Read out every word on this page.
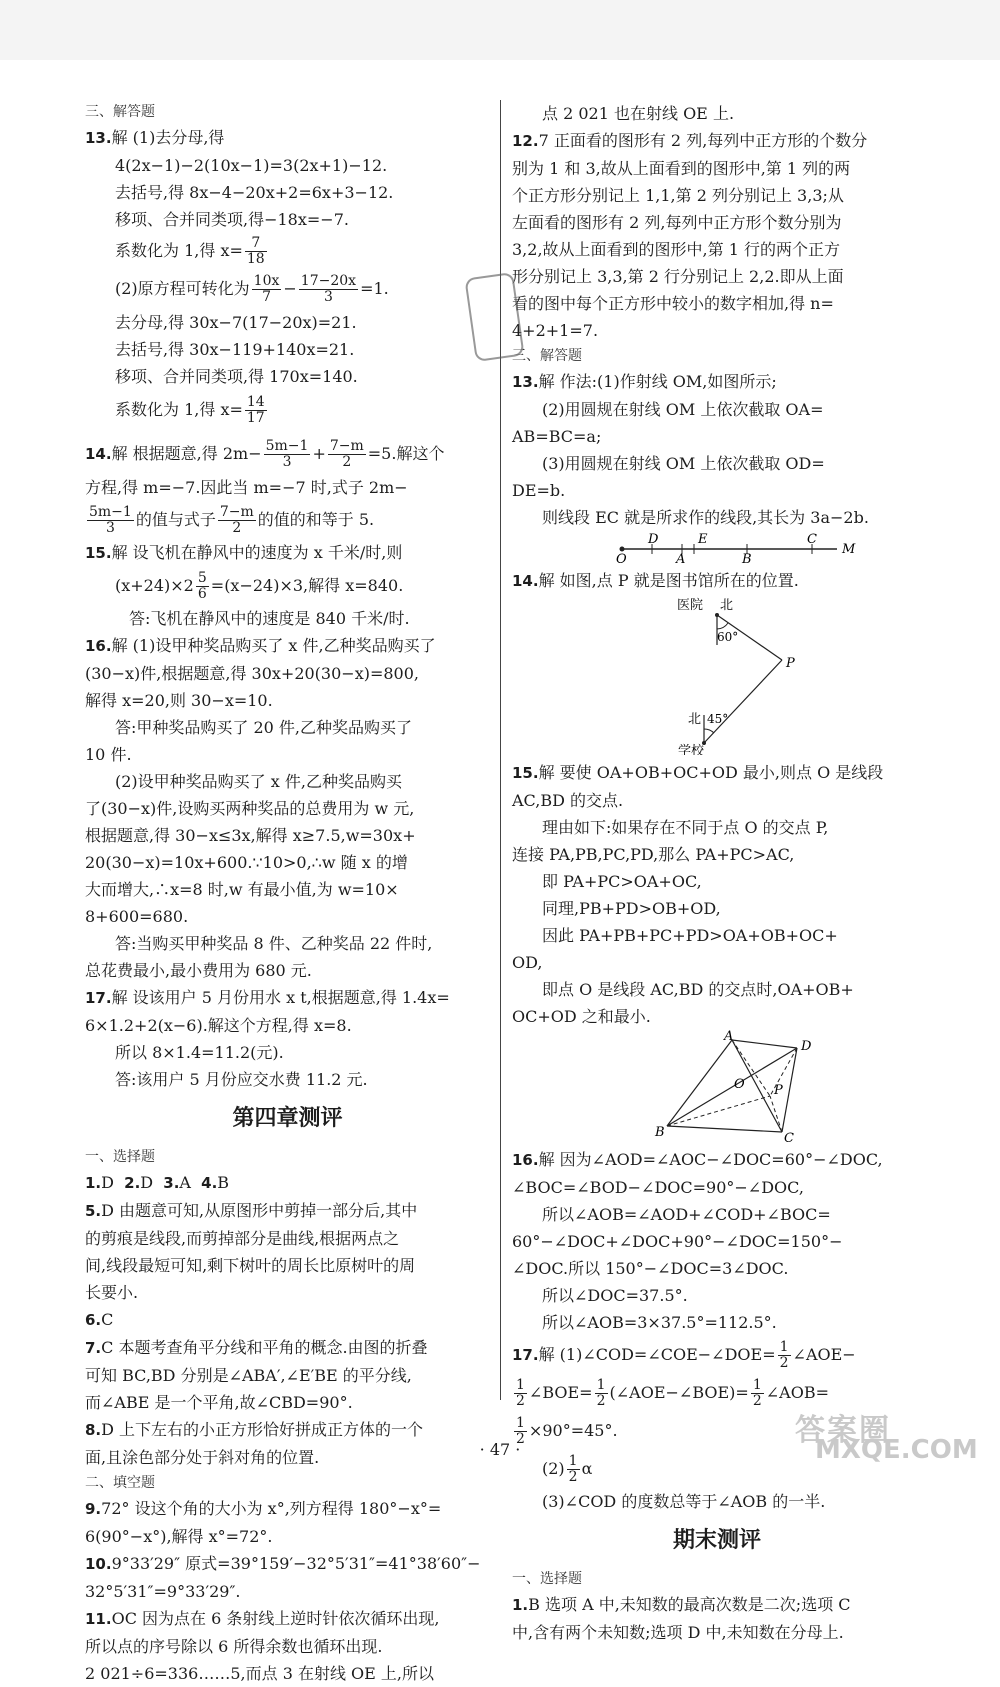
三、解答题
13.解 (1)去分母,得
4(2x−1)−2(10x−1)=3(2x+1)−12.
去括号,得 8x−4−20x+2=6x+3−12.
移项、合并同类项,得−18x=−7.
系数化为 1,得 $x= \frac{7}{18}$
(2)原方程可转化为 $\frac{10x}{7} - \frac{17-20x}{3} =1$.
去分母,得 30x−7(17−20x)=21.
去括号,得 30x−119+140x=21.
移项、合并同类项,得 170x=140.
系数化为 1,得 $x= \frac{14}{17}$
14.解 根据题意,得 $2m- \frac{5m-1}{3} + \frac{7-m}{2} =5$.解这个
方程,得 m=−7.因此当 m=−7 时,式子 2m−
$\frac{5m-1}{3}$ 的值与式子 $\frac{7-m}{2}$ 的值的和等于 5.
15.解 设飞机在静风中的速度为 x 千米/时,则
$(x+24)\times 2 \frac{5}{6} =(x-24)\times 3$,解得 x=840.
答:飞机在静风中的速度是 840 千米/时.
16.解 (1)设甲种奖品购买了 x 件,乙种奖品购买了
(30−x)件,根据题意,得 30x+20(30−x)=800,
解得 x=20,则 30−x=10.
答:甲种奖品购买了 20 件,乙种奖品购买了
10 件.
(2)设甲种奖品购买了 x 件,乙种奖品购买
了(30−x)件,设购买两种奖品的总费用为 w 元,
根据题意,得 30−x≤3x,解得 x≥7.5,w=30x+
20(30−x)=10x+600.∵10>0,∴w 随 x 的增
大而增大,∴x=8 时,w 有最小值,为 w=10×
8+600=680.
答:当购买甲种奖品 8 件、乙种奖品 22 件时,
总花费最小,最小费用为 680 元.
17.解 设该用户 5 月份用水 x t,根据题意,得 1.4x=
6×1.2+2(x−6).解这个方程,得 x=8.
所以 8×1.4=11.2(元).
答:该用户 5 月份应交水费 11.2 元.
第四章测评
一、选择题
1.D 2.D 3.A 4.B
5.D 由题意可知,从原图形中剪掉一部分后,其中
的剪痕是线段,而剪掉部分是曲线,根据两点之
间,线段最短可知,剩下树叶的周长比原树叶的周
长要小.
6.C
7.C 本题考查角平分线和平角的概念.由图的折叠
可知 BC,BD 分别是∠ABA′,∠E′BE 的平分线,
而∠ABE 是一个平角,故∠CBD=90°.
8.D 上下左右的小正方形恰好拼成正方体的一个
面,且涂色部分处于斜对角的位置.
二、填空题
9.72° 设这个角的大小为 x°,列方程得 180°−x°=
6(90°−x°),解得 x°=72°.
10.9°33′29″ 原式=39°159′−32°5′31″=41°38′60″−
32°5′31″=9°33′29″.
11.OC 因为点在 6 条射线上逆时针依次循环出现,
所以点的序号除以 6 所得余数也循环出现.
2 021÷6=336……5,而点 3 在射线 OE 上,所以
点 2 021 也在射线 OE 上.
12.7 正面看的图形有 2 列,每列中正方形的个数分
别为 1 和 3,故从上面看到的图形中,第 1 列的两
个正方形分别记上 1,1,第 2 列分别记上 3,3;从
左面看的图形有 2 列,每列中正方形个数分别为
3,2,故从上面看到的图形中,第 1 行的两个正方
形分别记上 3,3,第 2 行分别记上 2,2.即从上面
看的图中每个正方形中较小的数字相加,得 n=
4+2+1=7.
三、解答题
13.解 作法:(1)作射线 OM,如图所示;
(2)用圆规在射线 OM 上依次截取 OA=
AB=BC=a;
(3)用圆规在射线 OM 上依次截取 OD=
DE=b.
则线段 EC 就是所求作的线段,其长为 3a−2b.
O
D
A
E
B
C
M
14.解 如图,点 P 就是图书馆所在的位置.
医院 北
60°
P
北 45°
学校
15.解 要使 OA+OB+OC+OD 最小,则点 O 是线段
AC,BD 的交点.
理由如下:如果存在不同于点 O 的交点 P,
连接 PA,PB,PC,PD,那么 PA+PC>AC,
即 PA+PC>OA+OC,
同理,PB+PD>OB+OD,
因此 PA+PB+PC+PD>OA+OB+OC+
OD,
即点 O 是线段 AC,BD 的交点时,OA+OB+
OC+OD 之和最小.
A
D
O P
B	C
16.解 因为∠AOD=∠AOC−∠DOC=60°−∠DOC,
∠BOC=∠BOD−∠DOC=90°−∠DOC,
所以∠AOB=∠AOD+∠COD+∠BOC=
60°−∠DOC+∠DOC+90°−∠DOC=150°−
∠DOC.所以 150°−∠DOC=3∠DOC.
所以∠DOC=37.5°.
所以∠AOB=3×37.5°=112.5°.
17.解 (1)∠COD=∠COE−∠DOE= $\frac{1}{2}$ ∠AOE−
$\frac{1}{2}$ ∠BOE= $\frac{1}{2}$ (∠AOE−∠BOE)= $\frac{1}{2}$ ∠AOB=
$\frac{1}{2} \times 90^\circ=45^\circ$.
$(2) \frac{1}{2}$ α
(3)∠COD 的度数总等于∠AOB 的一半.
期末测评
一、选择题
1.B 选项 A 中,未知数的最高次数是二次;选项 C
中,含有两个未知数;选项 D 中,未知数在分母上.
· 47 ·
答案圈
MXQE.COM
